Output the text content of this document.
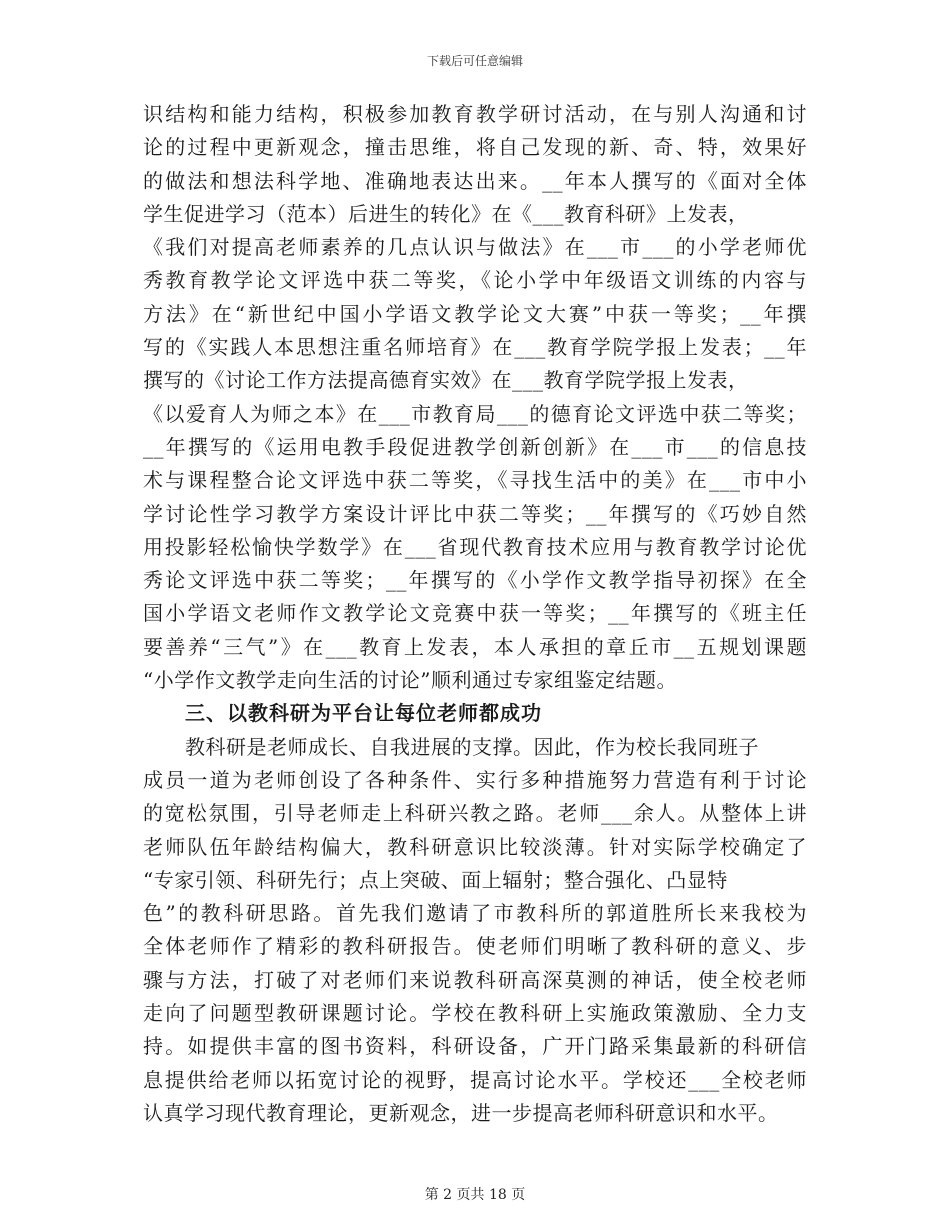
下载后可任意编辑
识结构和能力结构，积极参加教育教学研讨活动，在与别人沟通和讨
论的过程中更新观念，撞击思维，将自己发现的新、奇、特，效果好
的做法和想法科学地、准确地表达出来。__年本人撰写的《面对全体
学生促进学习（范本）后进生的转化》在《___教育科研》上发表，
《我们对提高老师素养的几点认识与做法》在___市___的小学老师优
秀教育教学论文评选中获二等奖，《论小学中年级语文训练的内容与
方法》在“新世纪中国小学语文教学论文大赛”中获一等奖；__年撰
写的《实践人本思想注重名师培育》在___教育学院学报上发表；__年
撰写的《讨论工作方法提高德育实效》在___教育学院学报上发表，
《以爱育人为师之本》在___市教育局___的德育论文评选中获二等奖；
__年撰写的《运用电教手段促进教学创新创新》在___市___的信息技
术与课程整合论文评选中获二等奖，《寻找生活中的美》在___市中小
学讨论性学习教学方案设计评比中获二等奖；__年撰写的《巧妙自然
用投影轻松愉快学数学》在___省现代教育技术应用与教育教学讨论优
秀论文评选中获二等奖；__年撰写的《小学作文教学指导初探》在全
国小学语文老师作文教学论文竞赛中获一等奖；__年撰写的《班主任
要善养“三气”》在___教育上发表，本人承担的章丘市__五规划课题
“小学作文教学走向生活的讨论”顺利通过专家组鉴定结题。
三、以教科研为平台让每位老师都成功
教科研是老师成长、自我进展的支撑。因此，作为校长我同班子
成员一道为老师创设了各种条件、实行多种措施努力营造有利于讨论
的宽松氛围，引导老师走上科研兴教之路。老师___余人。从整体上讲
老师队伍年龄结构偏大，教科研意识比较淡薄。针对实际学校确定了
“专家引领、科研先行；点上突破、面上辐射；整合强化、凸显特
色”的教科研思路。首先我们邀请了市教科所的郭道胜所长来我校为
全体老师作了精彩的教科研报告。使老师们明晰了教科研的意义、步
骤与方法，打破了对老师们来说教科研高深莫测的神话，使全校老师
走向了问题型教研课题讨论。学校在教科研上实施政策激励、全力支
持。如提供丰富的图书资料，科研设备，广开门路采集最新的科研信
息提供给老师以拓宽讨论的视野，提高讨论水平。学校还___全校老师
认真学习现代教育理论，更新观念，进一步提高老师科研意识和水平。
第 2 页共 18 页
